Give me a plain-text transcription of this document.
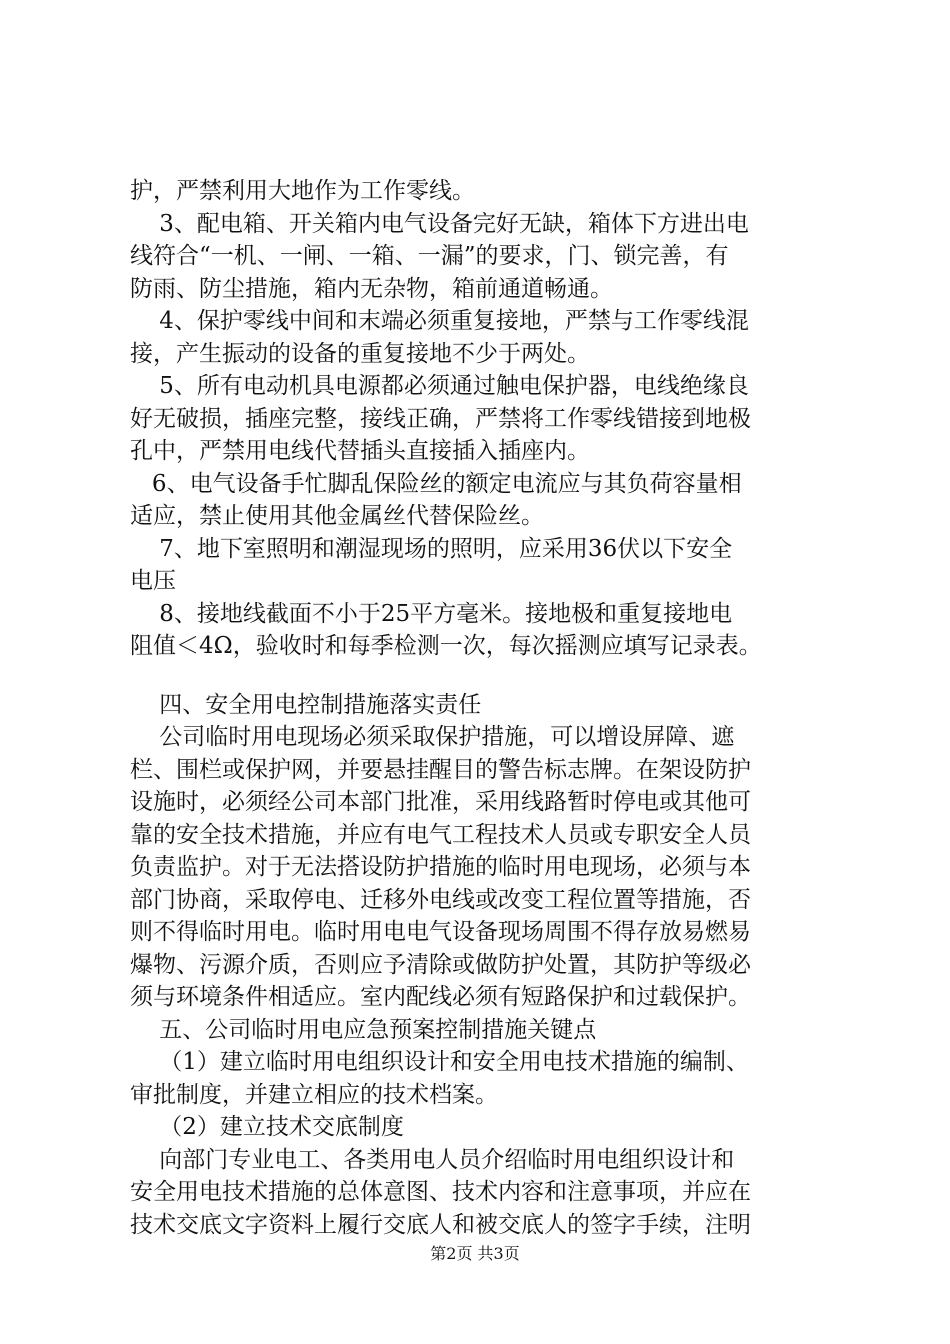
护，严禁利用大地作为工作零线。
3、配电箱、开关箱内电气设备完好无缺，箱体下方进出电
线符合“一机、一闸、一箱、一漏”的要求，门、锁完善，有
防雨、防尘措施，箱内无杂物，箱前通道畅通。
4、保护零线中间和末端必须重复接地，严禁与工作零线混
接，产生振动的设备的重复接地不少于两处。
5、所有电动机具电源都必须通过触电保护器，电线绝缘良
好无破损，插座完整，接线正确，严禁将工作零线错接到地极
孔中，严禁用电线代替插头直接插入插座内。
6、电气设备手忙脚乱保险丝的额定电流应与其负荷容量相
适应，禁止使用其他金属丝代替保险丝。
7、地下室照明和潮湿现场的照明，应采用36伏以下安全
电压
8、接地线截面不小于25平方毫米。接地极和重复接地电
阻值＜4Ω，验收时和每季检测一次，每次摇测应填写记录表。
四、安全用电控制措施落实责任
公司临时用电现场必须采取保护措施，可以增设屏障、遮
栏、围栏或保护网，并要悬挂醒目的警告标志牌。在架设防护
设施时，必须经公司本部门批准，采用线路暂时停电或其他可
靠的安全技术措施，并应有电气工程技术人员或专职安全人员
负责监护。对于无法搭设防护措施的临时用电现场，必须与本
部门协商，采取停电、迁移外电线或改变工程位置等措施，否
则不得临时用电。临时用电电气设备现场周围不得存放易燃易
爆物、污源介质，否则应予清除或做防护处置，其防护等级必
须与环境条件相适应。室内配线必须有短路保护和过载保护。
五、公司临时用电应急预案控制措施关键点
（1）建立临时用电组织设计和安全用电技术措施的编制、
审批制度，并建立相应的技术档案。
（2）建立技术交底制度
向部门专业电工、各类用电人员介绍临时用电组织设计和
安全用电技术措施的总体意图、技术内容和注意事项，并应在
技术交底文字资料上履行交底人和被交底人的签字手续，注明
第2页 共3页
